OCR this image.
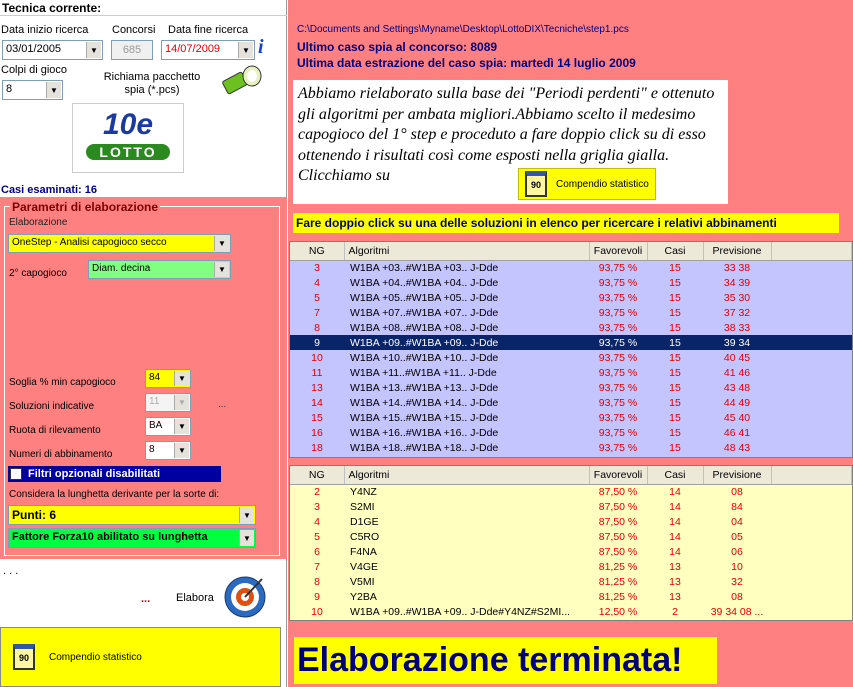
Tecnica corrente:
Data inizio ricerca Concorsi Data fine ricerca
03/01/2005	▼	685	14/07/2009	▼ i
Colpi di gioco
8	▼
Richiama pacchetto spia (*.pcs)
10e
LOTTO
Casi esaminati: 16
Parametri di elaborazione
Elaborazione
OneStep - Analisi capogioco secco	▼
2° capogioco	Diam. decina	▼
Soglia % min capogioco	84	▼
Soluzioni indicative	11	▼	...
Ruota di rilevamento	BA	▼
Numeri di abbinamento	8	▼
Filtri opzionali disabilitati
Considera la lunghetta derivante per la sorte di:
Punti: 6	▼
Fattore Forza10 abilitato su lunghetta	▼
. . .
... Elabora
90	Compendio statistico
C:\Documents and Settings\Myname\Desktop\LottoDIX\Tecniche\step1.pcs
Ultimo caso spia al concorso: 8089
Ultima data estrazione del caso spia: martedì 14 luglio 2009
Abbiamo rielaborato sulla base dei "Periodi perdenti" e ottenuto gli algoritmi per ambata migliori.Abbiamo scelto il medesimo capogioco del 1° step e proceduto a fare doppio click su di esso ottenendo i risultati così come esposti nella griglia gialla. Clicchiamo su
90	Compendio statistico
Fare doppio click su una delle soluzioni in elenco per ricercare i relativi abbinamenti
NG	Algoritmi	Favorevoli	Casi	Previsione	
3	W1BA +03..#W1BA +03.. J-Dde	93,75 %	15	33 38	
4	W1BA +04..#W1BA +04.. J-Dde	93,75 %	15	34 39	
5	W1BA +05..#W1BA +05.. J-Dde	93,75 %	15	35 30	
7	W1BA +07..#W1BA +07.. J-Dde	93,75 %	15	37 32	
8	W1BA +08..#W1BA +08.. J-Dde	93,75 %	15	38 33	
9	W1BA +09..#W1BA +09.. J-Dde	93,75 %	15	39 34	
10	W1BA +10..#W1BA +10.. J-Dde	93,75 %	15	40 45	
11	W1BA +11..#W1BA +11.. J-Dde	93,75 %	15	41 46	
13	W1BA +13..#W1BA +13.. J-Dde	93,75 %	15	43 48	
14	W1BA +14..#W1BA +14.. J-Dde	93,75 %	15	44 49	
15	W1BA +15..#W1BA +15.. J-Dde	93,75 %	15	45 40	
16	W1BA +16..#W1BA +16.. J-Dde	93,75 %	15	46 41	
18	W1BA +18..#W1BA +18.. J-Dde	93,75 %	15	48 43	
NG	Algoritmi	Favorevoli	Casi	Previsione	
2	Y4NZ	87,50 %	14	08	
3	S2MI	87,50 %	14	84	
4	D1GE	87,50 %	14	04	
5	C5RO	87,50 %	14	05	
6	F4NA	87,50 %	14	06	
7	V4GE	81,25 %	13	10	
8	V5MI	81,25 %	13	32	
9	Y2BA	81,25 %	13	08	
10	W1BA +09..#W1BA +09.. J-Dde#Y4NZ#S2MI...	12,50 %	2	39 34 08 ...	
Elaborazione terminata!
